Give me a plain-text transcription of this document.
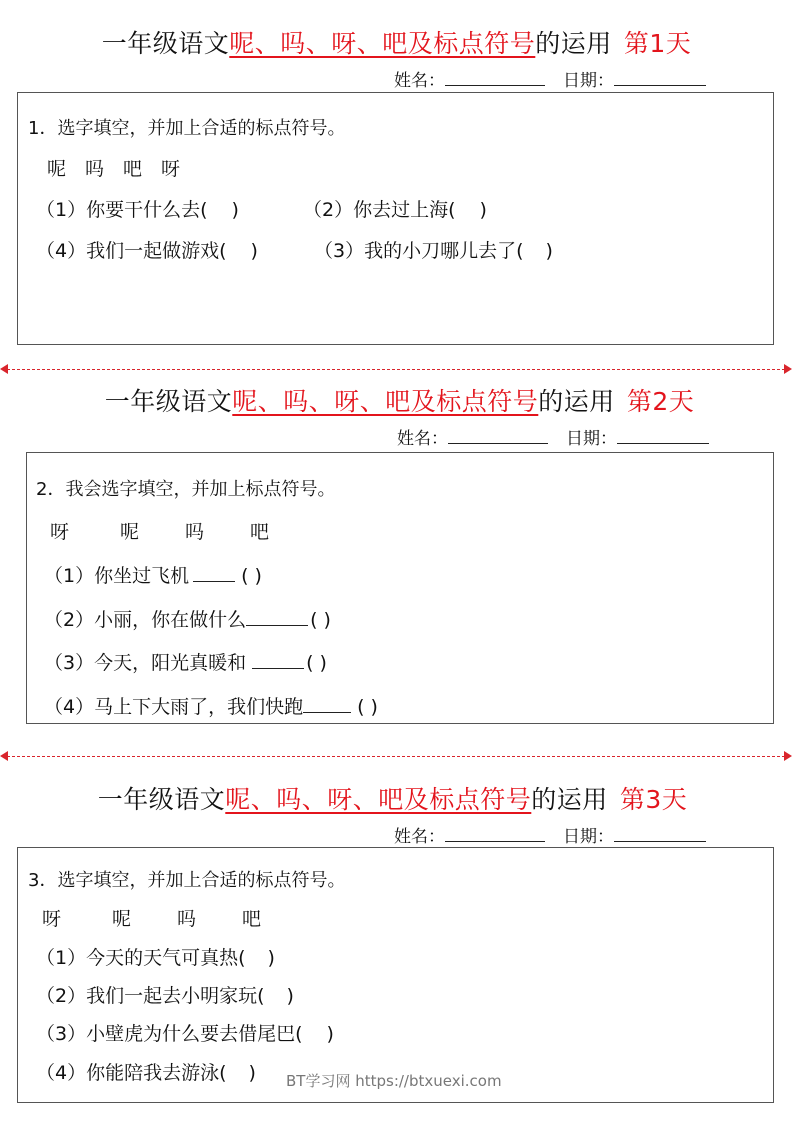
一年级语文呢、吗、呀、吧及标点符号的运用 第1天
姓名：	日期：
1．选字填空，并加上合适的标点符号。
呢 吗 吧 呀
（1）你要干什么去( )	（2）你去过上海( )
（4）我们一起做游戏( )	（3）我的小刀哪儿去了( )
一年级语文呢、吗、呀、吧及标点符号的运用 第2天
姓名：	日期：
2．我会选字填空，并加上标点符号。
呀	呢 吗 吧
（1）你坐过飞机	( )
（2）小丽，你在做什么	( )
（3）今天，阳光真暖和	( )
（4）马上下大雨了，我们快跑	( )
一年级语文呢、吗、呀、吧及标点符号的运用 第3天
姓名：	日期：
3．选字填空，并加上合适的标点符号。
呀	呢 吗 吧
（1）今天的天气可真热( )
（2）我们一起去小明家玩( )
（3）小壁虎为什么要去借尾巴( )
（4）你能陪我去游泳( ) BT学习网 https://btxuexi.com
